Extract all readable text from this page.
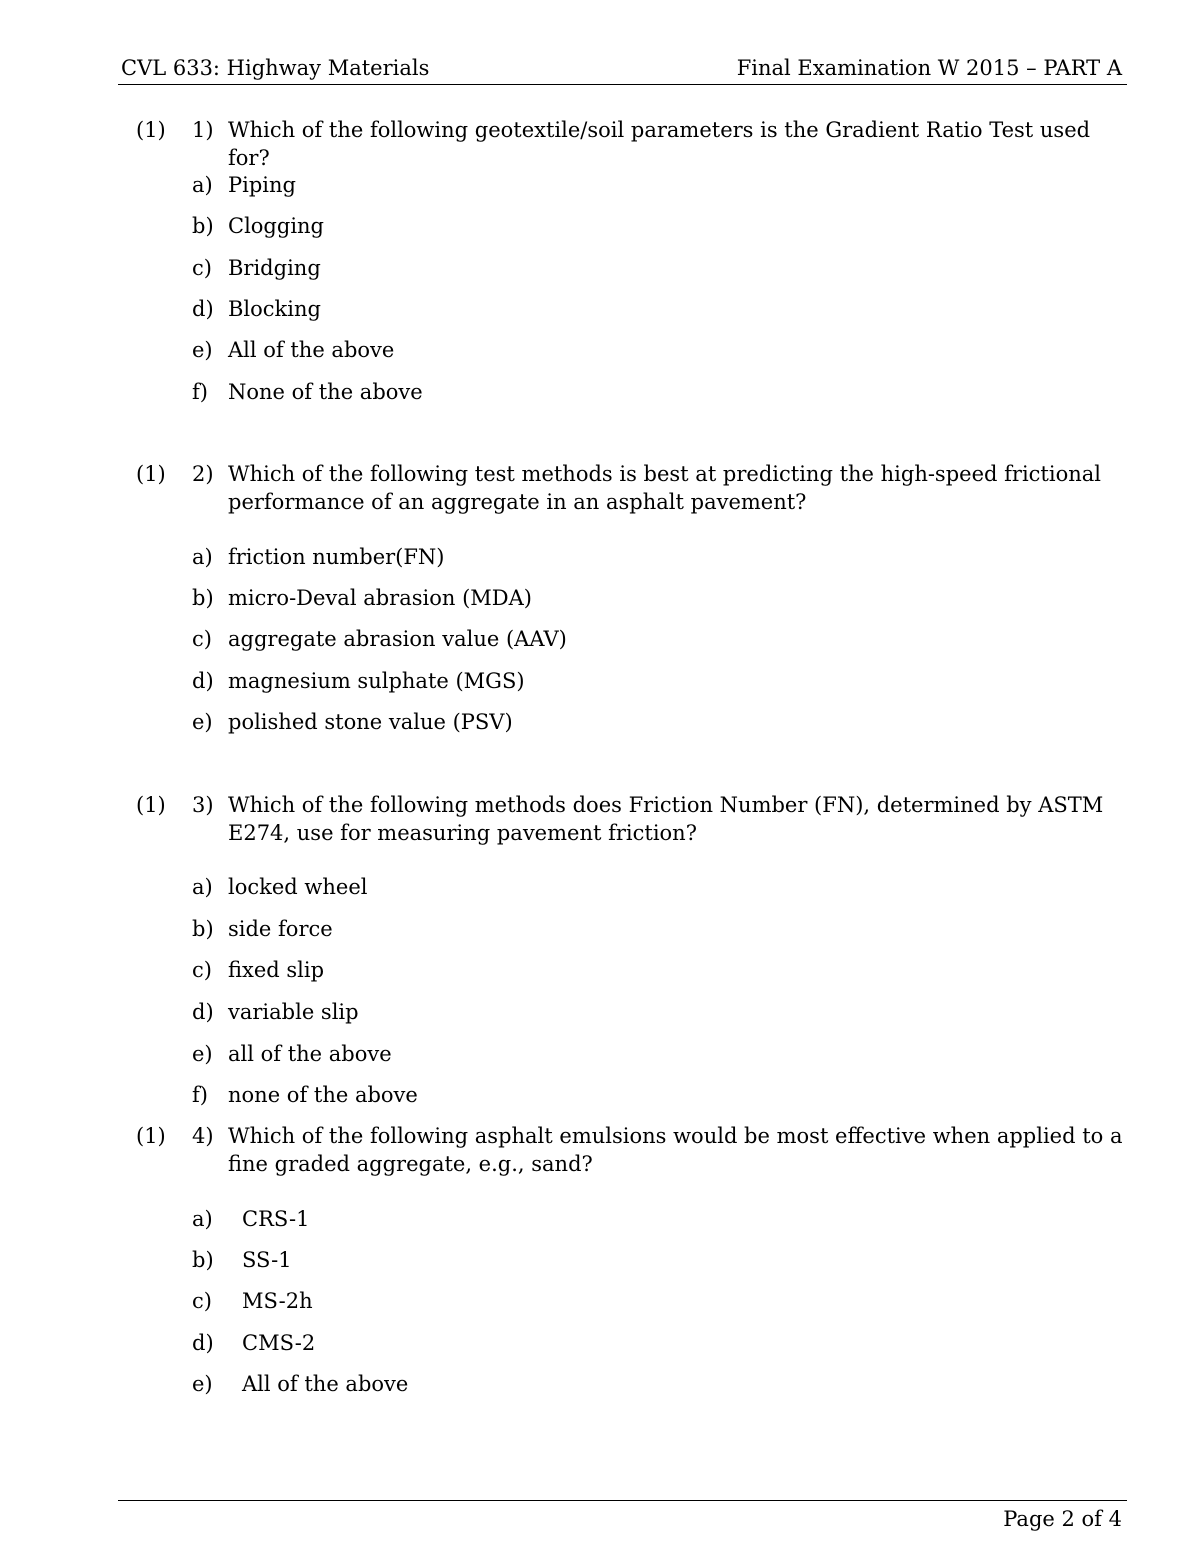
CVL 633: Highway Materials	Final Examination W 2015 – PART A
(1) 1) Which of the following geotextile/soil parameters is the Gradient Ratio Test used for?
a) Piping
b) Clogging
c) Bridging
d) Blocking
e) All of the above
f) None of the above
(1) 2) Which of the following test methods is best at predicting the high-speed frictional performance of an aggregate in an asphalt pavement?
a) friction number(FN)
b) micro-Deval abrasion (MDA)
c) aggregate abrasion value (AAV)
d) magnesium sulphate (MGS)
e) polished stone value (PSV)
(1) 3) Which of the following methods does Friction Number (FN), determined by ASTM E274, use for measuring pavement friction?
a) locked wheel
b) side force
c) fixed slip
d) variable slip
e) all of the above
f) none of the above
(1) 4) Which of the following asphalt emulsions would be most effective when applied to a fine graded aggregate, e.g., sand?
a) CRS-1
b) SS-1
c) MS-2h
d) CMS-2
e) All of the above
Page 2 of 4
